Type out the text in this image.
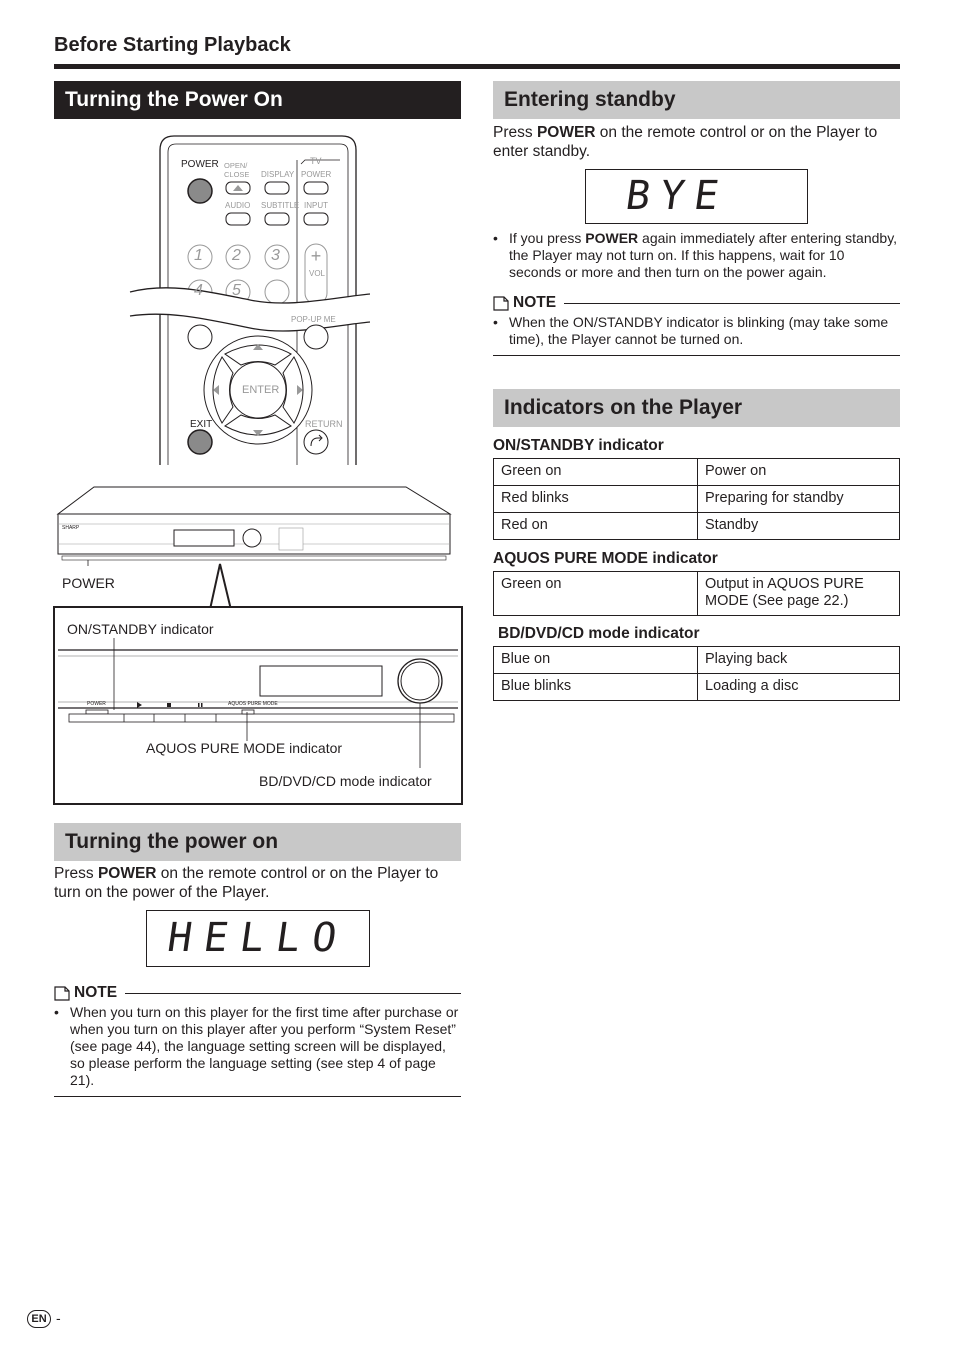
Before Starting Playback
Turning the Power On
+
POWER OPEN/ CLOSE	DISPLAY
TV
POWER
AUDIO SUBTITLE INPUT
1 2 3
4 5
VOL
POP-UP ME
ENTER
EXIT	RETURN
SHARP
POWER
ON/STANDBY indicator
POWER	AQUOS PURE MODE
AQUOS PURE MODE indicator
BD/DVD/CD mode indicator
Turning the power on
Press POWER on the remote control or on the Player to turn on the power of the Player.
HELLO
NOTE
• When you turn on this player for the first time after purchase or when you turn on this player after you perform “System Reset” (see page 44), the language setting screen will be displayed, so please perform the language setting (see step 4 of page 21).
Entering standby
Press POWER on the remote control or on the Player to enter standby.
BYE
• If you press POWER again immediately after entering standby, the Player may not turn on. If this happens, wait for 10 seconds or more and then turn on the power again.
NOTE
• When the ON/STANDBY indicator is blinking (may take some time), the Player cannot be turned on.
Indicators on the Player
ON/STANDBY indicator
Green on	Power on
Red blinks	Preparing for standby
Red on	Standby
AQUOS PURE MODE indicator
Green on	Output in AQUOS PURE MODE (See page 22.)
BD/DVD/CD mode indicator
Blue on	Playing back
Blue blinks	Loading a disc
EN -
